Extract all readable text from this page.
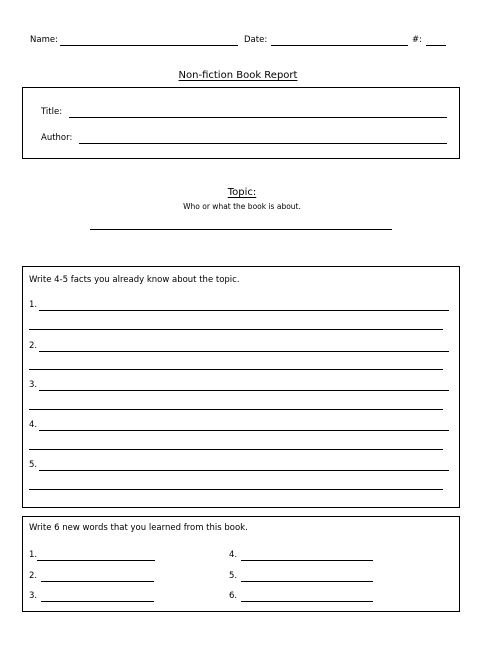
Name:	Date:	#:
Non-fiction Book Report
Title:
Author:
Topic:
Who or what the book is about.
Write 4-5 facts you already know about the topic.
1.
2.
3.
4.
5.
Write 6 new words that you learned from this book.
1.	4.
2.	5.
3.	6.
